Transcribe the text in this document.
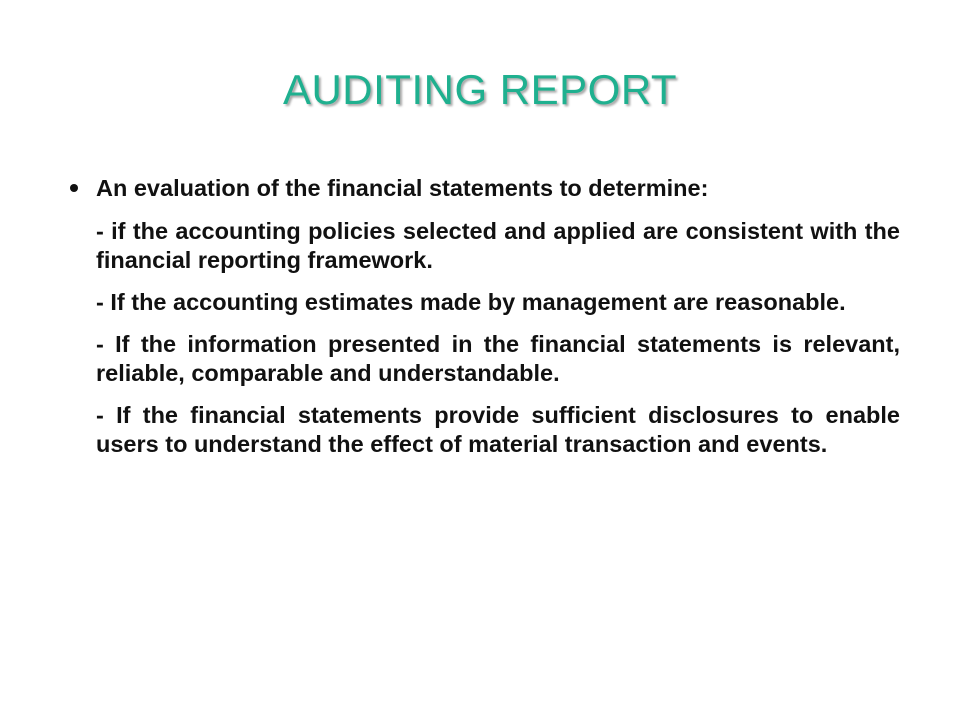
AUDITING REPORT
An evaluation of the financial statements to determine:
- if the accounting policies selected and applied are consistent with the financial reporting framework.
- If the accounting estimates made by management are reasonable.
- If the information presented in the financial statements is relevant, reliable, comparable and understandable.
- If the financial statements provide sufficient disclosures to enable users to understand the effect of material transaction and events.
